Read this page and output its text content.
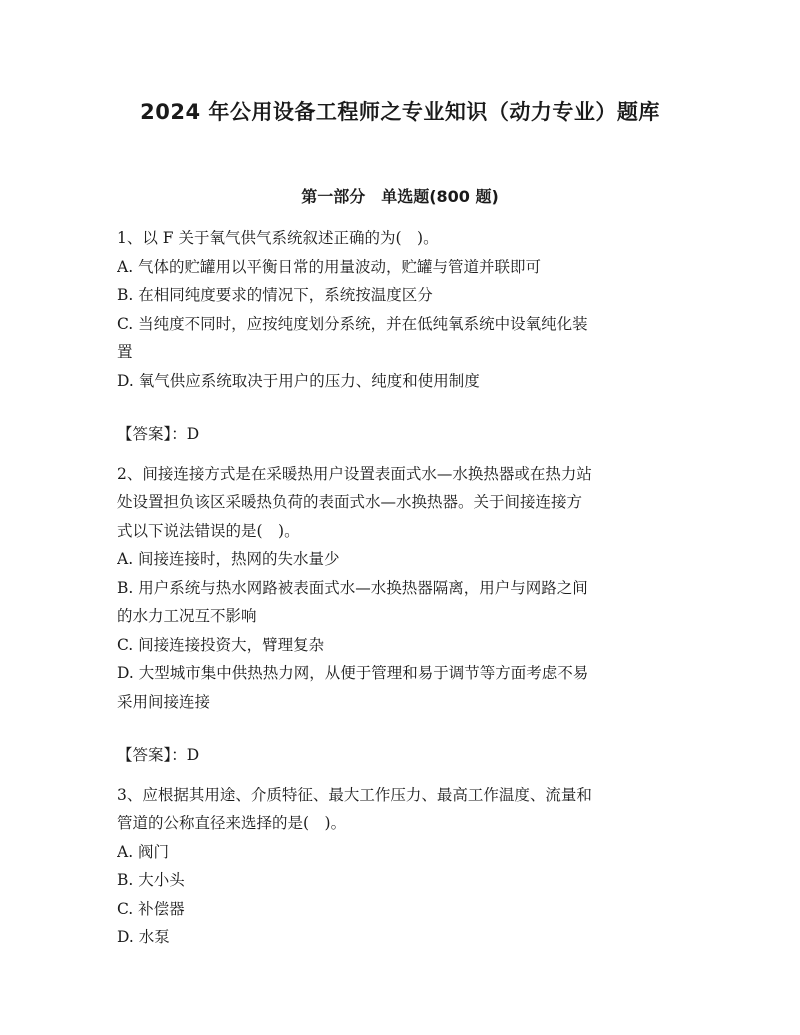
2024 年公用设备工程师之专业知识（动力专业）题库
第一部分　单选题(800 题)
1、以 F 关于氧气供气系统叙述正确的为(　)。
A. 气体的贮罐用以平衡日常的用量波动，贮罐与管道并联即可
B. 在相同纯度要求的情况下，系统按温度区分
C. 当纯度不同时，应按纯度划分系统，并在低纯氧系统中设氧纯化装
置
D. 氧气供应系统取决于用户的压力、纯度和使用制度
【答案】：D
2、间接连接方式是在采暖热用户设置表面式水—水换热器或在热力站
处设置担负该区采暖热负荷的表面式水—水换热器。关于间接连接方
式以下说法错误的是(　)。
A. 间接连接时，热网的失水量少
B. 用户系统与热水网路被表面式水—水换热器隔离，用户与网路之间
的水力工况互不影响
C. 间接连接投资大，臂理复杂
D. 大型城市集中供热热力网，从便于管理和易于调节等方面考虑不易
采用间接连接
【答案】：D
3、应根据其用途、介质特征、最大工作压力、最高工作温度、流量和
管道的公称直径来选择的是(　)。
A. 阀门
B. 大小头
C. 补偿器
D. 水泵
